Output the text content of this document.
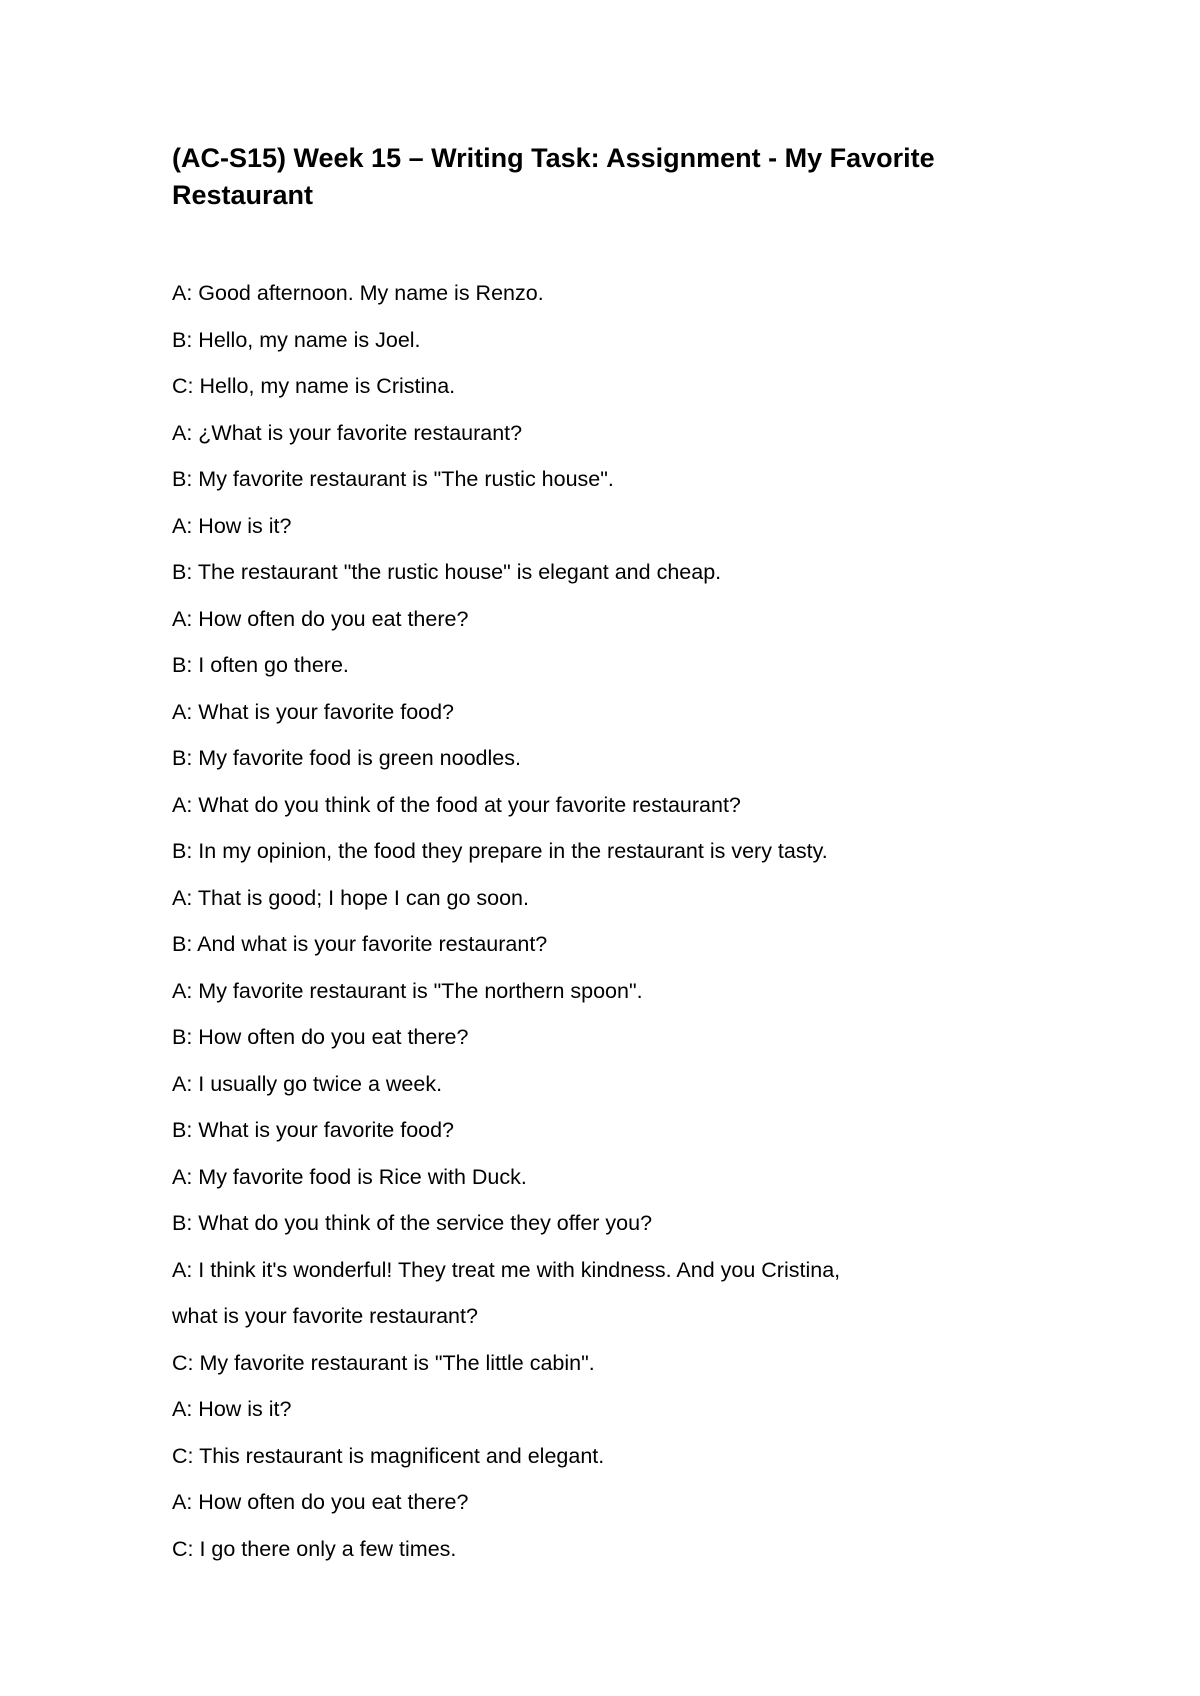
(AC-S15) Week 15 – Writing Task: Assignment - My Favorite Restaurant
A: Good afternoon. My name is Renzo.
B: Hello, my name is Joel.
C: Hello, my name is Cristina.
A: ¿What is your favorite restaurant?
B: My favorite restaurant is "The rustic house".
A: How is it?
B: The restaurant "the rustic house" is elegant and cheap.
A: How often do you eat there?
B: I often go there.
A: What is your favorite food?
B: My favorite food is green noodles.
A: What do you think of the food at your favorite restaurant?
B: In my opinion, the food they prepare in the restaurant is very tasty.
A: That is good; I hope I can go soon.
B: And what is your favorite restaurant?
A: My favorite restaurant is "The northern spoon".
B: How often do you eat there?
A: I usually go twice a week.
B: What is your favorite food?
A: My favorite food is Rice with Duck.
B: What do you think of the service they offer you?
A: I think it's wonderful! They treat me with kindness. And you Cristina,
what is your favorite restaurant?
C: My favorite restaurant is "The little cabin".
A: How is it?
C: This restaurant is magnificent and elegant.
A: How often do you eat there?
C: I go there only a few times.
